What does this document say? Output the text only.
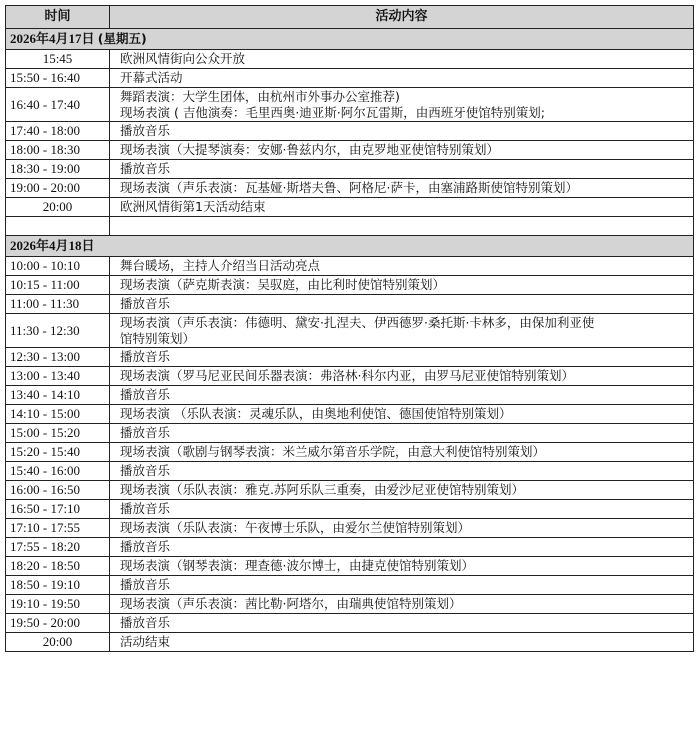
时间	活动内容
2026年4月17日 (星期五)	
15:45	欧洲风情街向公众开放

15:50 - 16:40	开幕式活动

16:40 - 17:40	舞蹈表演：大学生团体，由杭州市外事办公室推荐)
现场表演 ( 吉他演奏：毛里西奥·迪亚斯·阿尔瓦雷斯，由西班牙使馆特别策划;

17:40 - 18:00	播放音乐

18:00 - 18:30	现场表演（大提琴演奏：安娜·鲁兹内尔，由克罗地亚使馆特别策划）

18:30 - 19:00	播放音乐

19:00 - 20:00	现场表演（声乐表演：瓦基娅·斯塔夫鲁、阿格尼·萨卡，由塞浦路斯使馆特别策划）

20:00	欧洲风情街第1天活动结束

2026年4月18日	
10:00 - 10:10	舞台暖场，主持人介绍当日活动亮点

10:15 - 11:00	现场表演（萨克斯表演：吴驭庭，由比利时使馆特别策划）

11:00 - 11:30	播放音乐

11:30 - 12:30	现场表演（声乐表演：伟德明、黛安·扎涅夫、伊西德罗·桑托斯·卡林多，由保加利亚使
馆特别策划）

12:30 - 13:00	播放音乐

13:00 - 13:40	现场表演（罗马尼亚民间乐器表演：弗洛林·科尔内亚，由罗马尼亚使馆特别策划）

13:40 - 14:10	播放音乐

14:10 - 15:00	现场表演 （乐队表演：灵魂乐队，由奥地利使馆、德国使馆特别策划）

15:00 - 15:20	播放音乐

15:20 - 15:40	现场表演（歌剧与钢琴表演：米兰威尔第音乐学院，由意大利使馆特别策划）

15:40 - 16:00	播放音乐

16:00 - 16:50	现场表演（乐队表演：雅克.苏阿乐队三重奏，由爱沙尼亚使馆特别策划）

16:50 - 17:10	播放音乐

17:10 - 17:55	现场表演（乐队表演：午夜博士乐队，由爱尔兰使馆特别策划）

17:55 - 18:20	播放音乐

18:20 - 18:50	现场表演（钢琴表演：理查德·波尔博士，由捷克使馆特别策划）

18:50 - 19:10	播放音乐

19:10 - 19:50	现场表演（声乐表演：茜比勒·阿塔尔，由瑞典使馆特别策划）

19:50 - 20:00	播放音乐

20:00	活动结束
